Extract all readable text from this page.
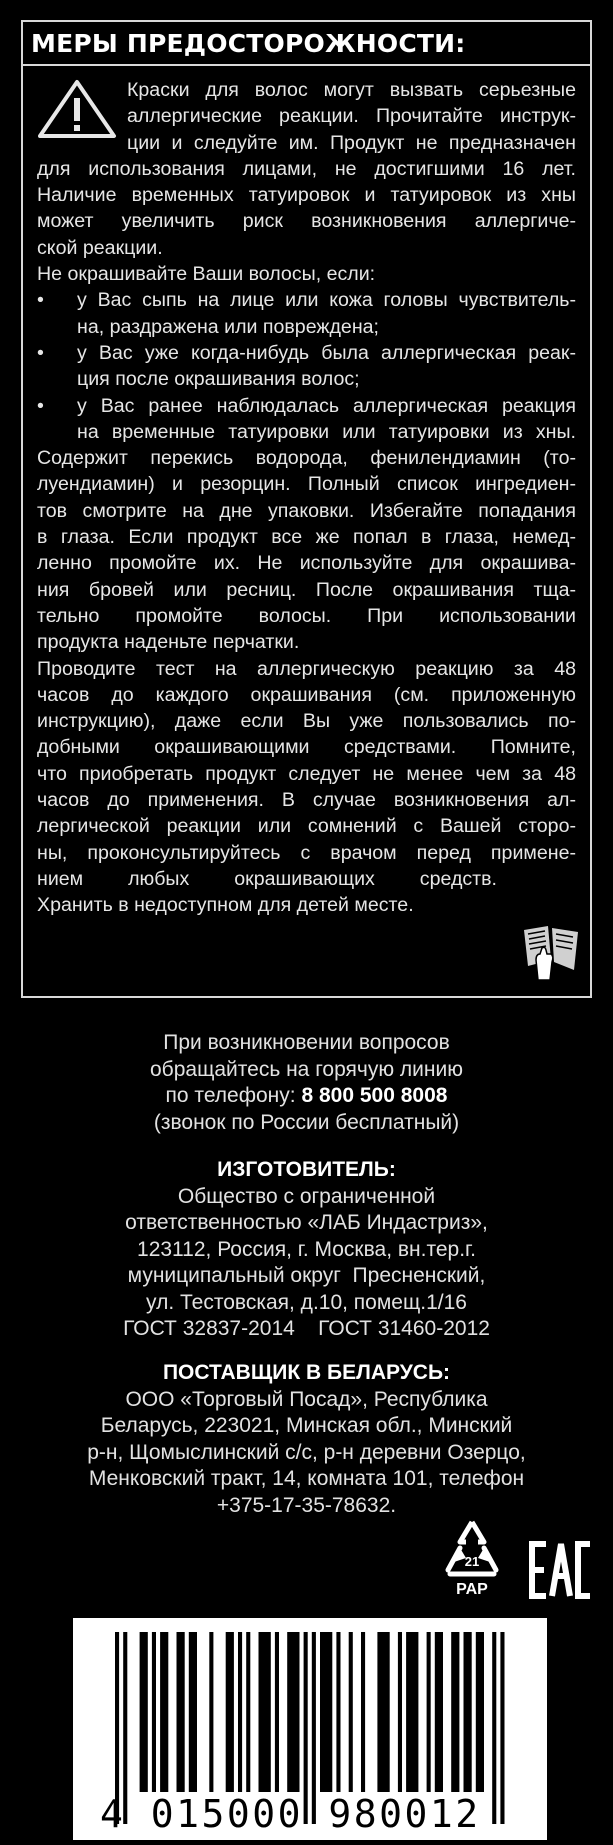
МЕРЫ ПРЕДОСТОРОЖНОСТИ:
Краски для волос могут вызвать серьезные
аллергические реакции. Прочитайте инструк-
ции и следуйте им. Продукт не предназначен
для использования лицами, не достигшими 16 лет.
Наличие временных татуировок и татуировок из хны
может увеличить риск возникновения аллергиче-
ской реакции.
Не окрашивайте Ваши волосы, если:
•	у Вас сыпь на лице или кожа головы чувствитель-
на, раздражена или повреждена;
•	у Вас уже когда-нибудь была аллергическая реак-
ция после окрашивания волос;
•	у Вас ранее наблюдалась аллергическая реакция
на временные татуировки или татуировки из хны.
Содержит перекись водорода, фенилендиамин (то-
луендиамин) и резорцин. Полный список ингредиен-
тов смотрите на дне упаковки. Избегайте попадания
в глаза. Если продукт все же попал в глаза, немед-
ленно промойте их. Не используйте для окрашива-
ния бровей или ресниц. После окрашивания тща-
тельно промойте волосы. При использовании
продукта наденьте перчатки.
Проводите тест на аллергическую реакцию за 48
часов до каждого окрашивания (см. приложенную
инструкцию), даже если Вы уже пользовались по-
добными окрашивающими средствами. Помните,
что приобретать продукт следует не менее чем за 48
часов до применения. В случае возникновения ал-
лергической реакции или сомнений с Вашей сторо-
ны, проконсультируйтесь с врачом перед примене-
нием любых окрашивающих средств.
Хранить в недоступном для детей месте.
При возникновении вопросов
обращайтесь на горячую линию
по телефону: 8 800 500 8008
(звонок по России бесплатный)
ИЗГОТОВИТЕЛЬ:
Общество с ограниченной
ответственностью «ЛАБ Индастриз»,
123112, Россия, г. Москва, вн.тер.г.
муниципальный округ  Пресненский,
ул. Тестовская, д.10, помещ.1/16
ГОСТ 32837-2014    ГОСТ 31460-2012
ПОСТАВЩИК В БЕЛАРУСЬ:
ООО «Торговый Посад», Республика
Беларусь, 223021, Минская обл., Минский
р-н, Щомыслинский с/с, р-н деревни Озерцо,
Менковский тракт, 14, комната 101, телефон
+375-17-35-78632.
21
PAP
4 015000 980012
